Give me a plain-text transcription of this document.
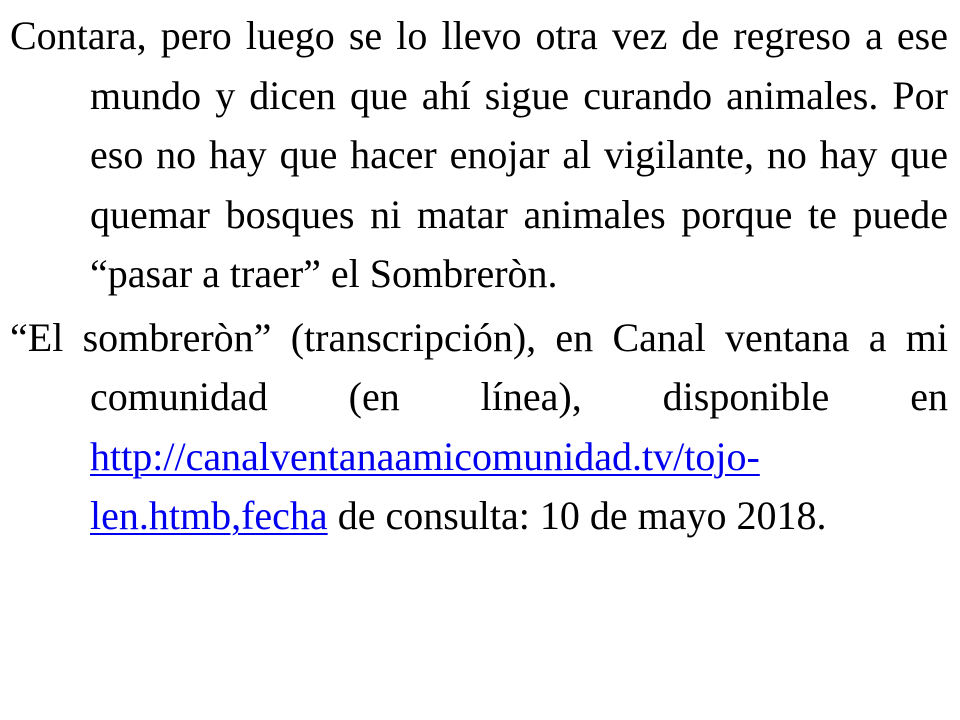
Contara, pero luego se lo llevo otra vez de regreso a ese mundo y dicen que ahí sigue curando animales. Por eso no hay que hacer enojar al vigilante, no hay que quemar bosques ni matar animales porque te puede “pasar a traer” el Sombreròn.

“El sombreròn” (transcripción), en Canal ventana a mi comunidad (en línea), disponible en http://canalventanaamicomunidad.tv/tojo-len.htmb,fecha de consulta: 10 de mayo 2018.
